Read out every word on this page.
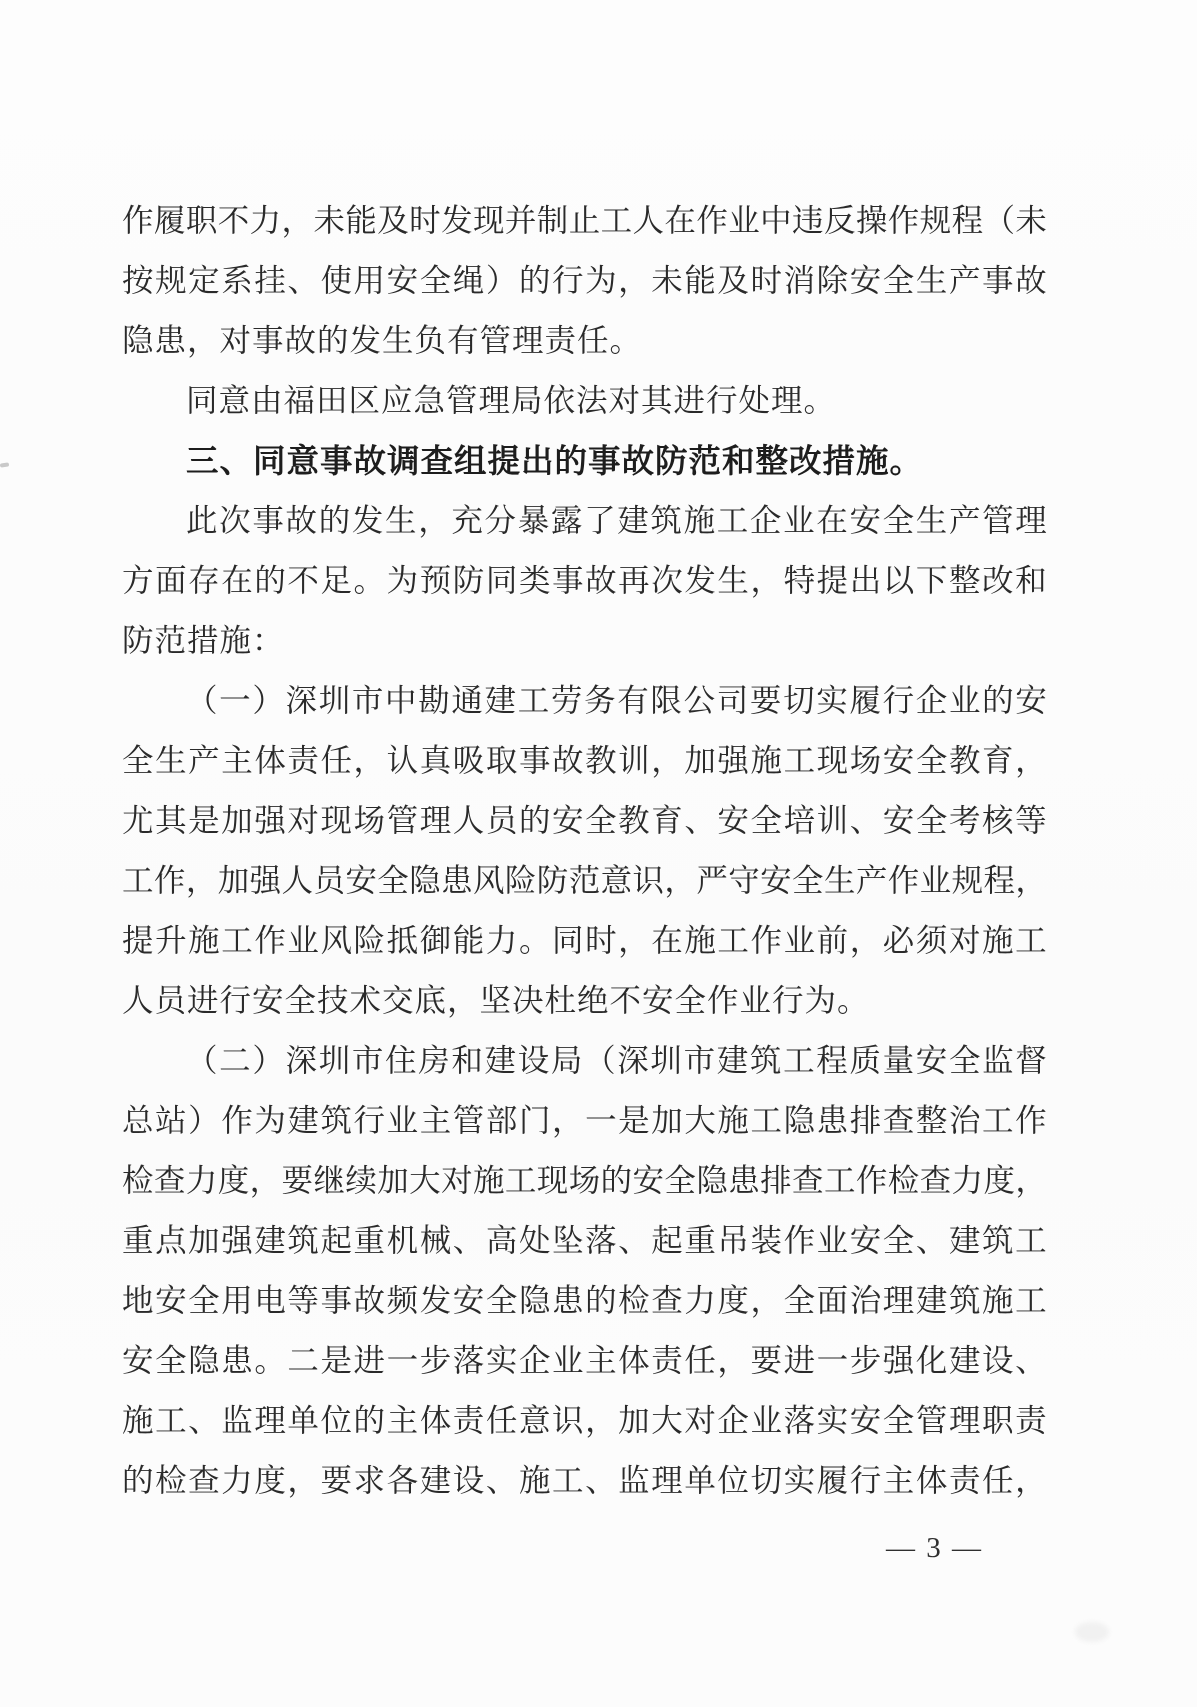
作 履 职 不 力 ， 未 能 及 时 发 现 并 制 止 工 人 在 作 业 中 违 反 操 作 规 程 （ 未
按 规 定 系 挂 、 使 用 安 全 绳 ） 的 行 为 ， 未 能 及 时 消 除 安 全 生 产 事 故
隐患，对事故的发生负有管理责任。
同意由福田区应急管理局依法对其进行处理。
三、同意事故调查组提出的事故防范和整改措施。
此 次 事 故 的 发 生 ， 充 分 暴 露 了 建 筑 施 工 企 业 在 安 全 生 产 管 理
方 面 存 在 的 不 足 。 为 预 防 同 类 事 故 再 次 发 生 ， 特 提 出 以 下 整 改 和
防范措施：
（ 一 ） 深 圳 市 中 勘 通 建 工 劳 务 有 限 公 司 要 切 实 履 行 企 业 的 安
全 生 产 主 体 责 任 ， 认 真 吸 取 事 故 教 训 ， 加 强 施 工 现 场 安 全 教 育 ，
尤 其 是 加 强 对 现 场 管 理 人 员 的 安 全 教 育 、 安 全 培 训 、 安 全 考 核 等
工 作 ， 加 强 人 员 安 全 隐 患 风 险 防 范 意 识 ， 严 守 安 全 生 产 作 业 规 程 ，
提 升 施 工 作 业 风 险 抵 御 能 力 。 同 时 ， 在 施 工 作 业 前 ， 必 须 对 施 工
人员进行安全技术交底，坚决杜绝不安全作业行为。
（ 二 ） 深 圳 市 住 房 和 建 设 局 （ 深 圳 市 建 筑 工 程 质 量 安 全 监 督
总 站 ） 作 为 建 筑 行 业 主 管 部 门 ， 一 是 加 大 施 工 隐 患 排 查 整 治 工 作
检 查 力 度 ， 要 继 续 加 大 对 施 工 现 场 的 安 全 隐 患 排 查 工 作 检 查 力 度 ，
重 点 加 强 建 筑 起 重 机 械 、 高 处 坠 落 、 起 重 吊 装 作 业 安 全 、 建 筑 工
地 安 全 用 电 等 事 故 频 发 安 全 隐 患 的 检 查 力 度 ， 全 面 治 理 建 筑 施 工
安 全 隐 患 。 二 是 进 一 步 落 实 企 业 主 体 责 任 ， 要 进 一 步 强 化 建 设 、
施 工 、 监 理 单 位 的 主 体 责 任 意 识 ， 加 大 对 企 业 落 实 安 全 管 理 职 责
的 检 查 力 度 ， 要 求 各 建 设 、 施 工 、 监 理 单 位 切 实 履 行 主 体 责 任 ，
— 3 —
